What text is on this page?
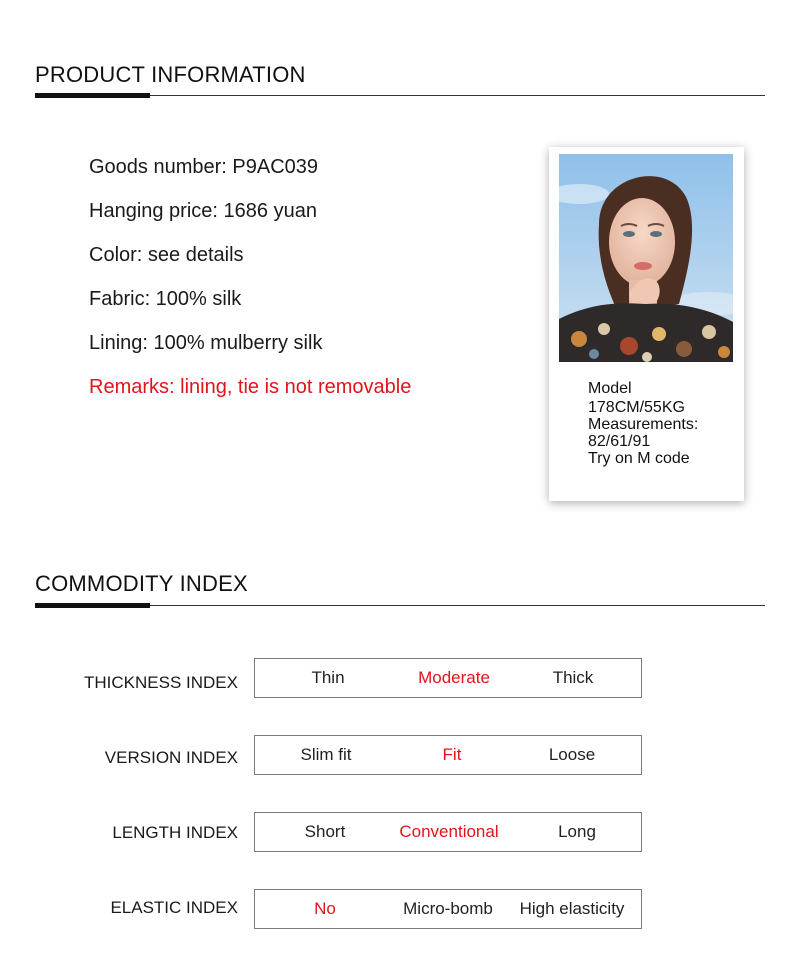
PRODUCT INFORMATION
Goods number: P9AC039
Hanging price: 1686 yuan
Color: see details
Fabric: 100% silk
Lining: 100% mulberry silk
Remarks: lining, tie is not removable	Model
178CM/55KG
Measurements:
82/61/91
Try on M code
COMMODITY INDEX
THICKNESS INDEX	Thin	Moderate	Thick
VERSION INDEX	Slim fit	Fit	Loose
LENGTH INDEX	Short	Conventional	Long
ELASTIC INDEX	No	Micro-bomb	High elasticity
